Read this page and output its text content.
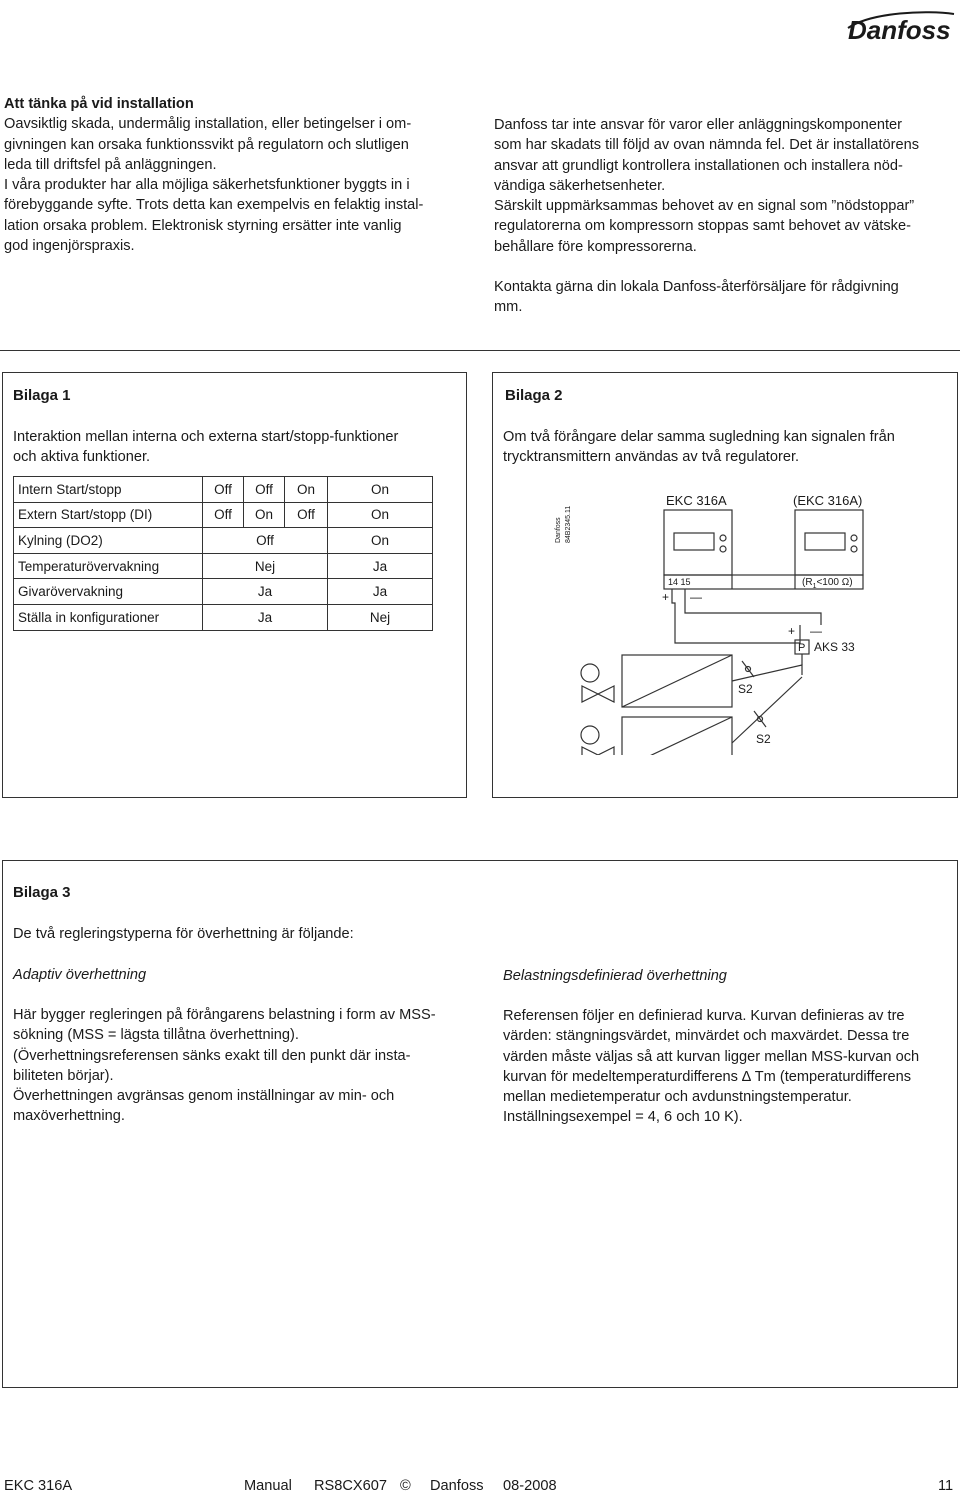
Danfoss
Att tänka på vid installation

Oavsiktlig skada, undermålig installation, eller betingelser i om-

givningen kan orsaka funktionssvikt på regulatorn och slutligen

leda till driftsfel på anläggningen.

I våra produkter har alla möjliga säkerhetsfunktioner byggts in i

förebyggande syfte. Trots detta kan exempelvis en felaktig instal-

lation orsaka problem. Elektronisk styrning ersätter inte vanlig

god ingenjörspraxis.

Danfoss tar inte ansvar för varor eller anläggningskomponenter

som har skadats till följd av ovan nämnda fel. Det är installatörens

ansvar att grundligt kontrollera installationen och installera nöd-

vändiga säkerhetsenheter.

Särskilt uppmärksammas behovet av en signal som ”nödstoppar”

regulatorerna om kompressorn stoppas samt behovet av vätske-

behållare före kompressorerna.

Kontakta gärna din lokala Danfoss-återförsäljare för rådgivning

mm.

Bilaga 1
Interaktion mellan interna och externa start/stopp-funktioner
och aktiva funktioner.
Intern Start/stopp	Off	Off	On	On
Extern Start/stopp (DI)	Off	On	Off	On
Kylning (DO2)	Off			On
Temperaturövervakning	Nej			Ja
Givarövervakning	Ja			Ja
Ställa in konfigurationer	Ja			Nej
Bilaga 2
Om två förångare delar samma sugledning kan signalen från
trycktransmittern användas av två regulatorer.
Danfoss 84B2345.11
EKC 316A	(EKC 316A)
14 15	($R_1<100$ Ω)
+ —
+ —
P AKS 33
S2
S2
Bilaga 3
De två regleringstyperna för överhettning är följande:
Adaptiv överhettning
Här bygger regleringen på förångarens belastning i form av MSS-
sökning (MSS = lägsta tillåtna överhettning).
(Överhettningsreferensen sänks exakt till den punkt där insta-
biliteten börjar).
Överhettningen avgränsas genom inställningar av min- och
maxöverhettning.
Belastningsdefinierad överhettning
Referensen följer en definierad kurva. Kurvan definieras av tre
värden: stängningsvärdet, minvärdet och maxvärdet. Dessa tre
värden måste väljas så att kurvan ligger mellan MSS-kurvan och
kurvan för medeltemperaturdifferens ∆ Tm (temperaturdifferens
mellan medietemperatur och avdunstningstemperatur.
Inställningsexempel = 4, 6 och 10 K).
EKC 316A	Manual RS8CX607 © Danfoss 08-2008	11
